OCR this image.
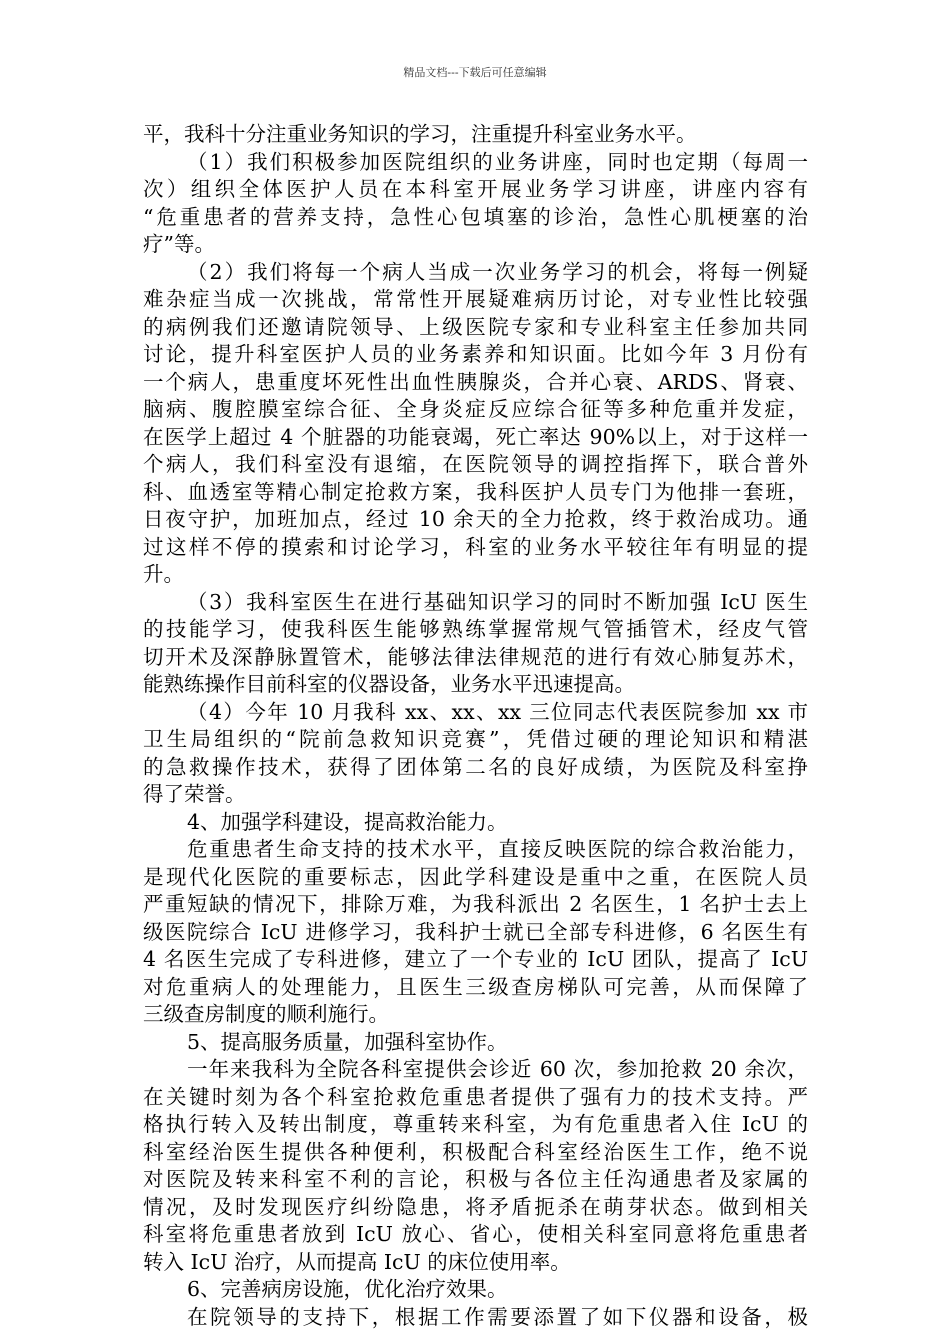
精品文档---下载后可任意编辑
平，我科十分注重业务知识的学习，注重提升科室业务水平。
（1）我们积极参加医院组织的业务讲座，同时也定期（每周一
次）组织全体医护人员在本科室开展业务学习讲座，讲座内容有
“危重患者的营养支持，急性心包填塞的诊治，急性心肌梗塞的治
疗”等。
（2）我们将每一个病人当成一次业务学习的机会，将每一例疑
难杂症当成一次挑战，常常性开展疑难病历讨论，对专业性比较强
的病例我们还邀请院领导、上级医院专家和专业科室主任参加共同
讨论，提升科室医护人员的业务素养和知识面。比如今年 3 月份有
一个病人，患重度坏死性出血性胰腺炎，合并心衰、ARDS、肾衰、
脑病、腹腔膜室综合征、全身炎症反应综合征等多种危重并发症，
在医学上超过 4 个脏器的功能衰竭，死亡率达 90%以上，对于这样一
个病人，我们科室没有退缩，在医院领导的调控指挥下，联合普外
科、血透室等精心制定抢救方案，我科医护人员专门为他排一套班，
日夜守护，加班加点，经过 10 余天的全力抢救，终于救治成功。通
过这样不停的摸索和讨论学习，科室的业务水平较往年有明显的提
升。
（3）我科室医生在进行基础知识学习的同时不断加强 IcU 医生
的技能学习，使我科医生能够熟练掌握常规气管插管术，经皮气管
切开术及深静脉置管术，能够法律法律规范的进行有效心肺复苏术，
能熟练操作目前科室的仪器设备，业务水平迅速提高。
（4）今年 10 月我科 xx、xx、xx 三位同志代表医院参加 xx 市
卫生局组织的“院前急救知识竞赛”，凭借过硬的理论知识和精湛
的急救操作技术，获得了团体第二名的良好成绩，为医院及科室挣
得了荣誉。
4、加强学科建设，提高救治能力。
危重患者生命支持的技术水平，直接反映医院的综合救治能力，
是现代化医院的重要标志，因此学科建设是重中之重，在医院人员
严重短缺的情况下，排除万难，为我科派出 2 名医生，1 名护士去上
级医院综合 IcU 进修学习，我科护士就已全部专科进修，6 名医生有
4 名医生完成了专科进修，建立了一个专业的 IcU 团队，提高了 IcU
对危重病人的处理能力，且医生三级查房梯队可完善，从而保障了
三级查房制度的顺利施行。
5、提高服务质量，加强科室协作。
一年来我科为全院各科室提供会诊近 60 次，参加抢救 20 余次，
在关键时刻为各个科室抢救危重患者提供了强有力的技术支持。严
格执行转入及转出制度，尊重转来科室，为有危重患者入住 IcU 的
科室经治医生提供各种便利，积极配合科室经治医生工作，绝不说
对医院及转来科室不利的言论，积极与各位主任沟通患者及家属的
情况，及时发现医疗纠纷隐患，将矛盾扼杀在萌芽状态。做到相关
科室将危重患者放到 IcU 放心、省心，使相关科室同意将危重患者
转入 IcU 治疗，从而提高 IcU 的床位使用率。
6、完善病房设施，优化治疗效果。
在院领导的支持下，根据工作需要添置了如下仪器和设备，极
